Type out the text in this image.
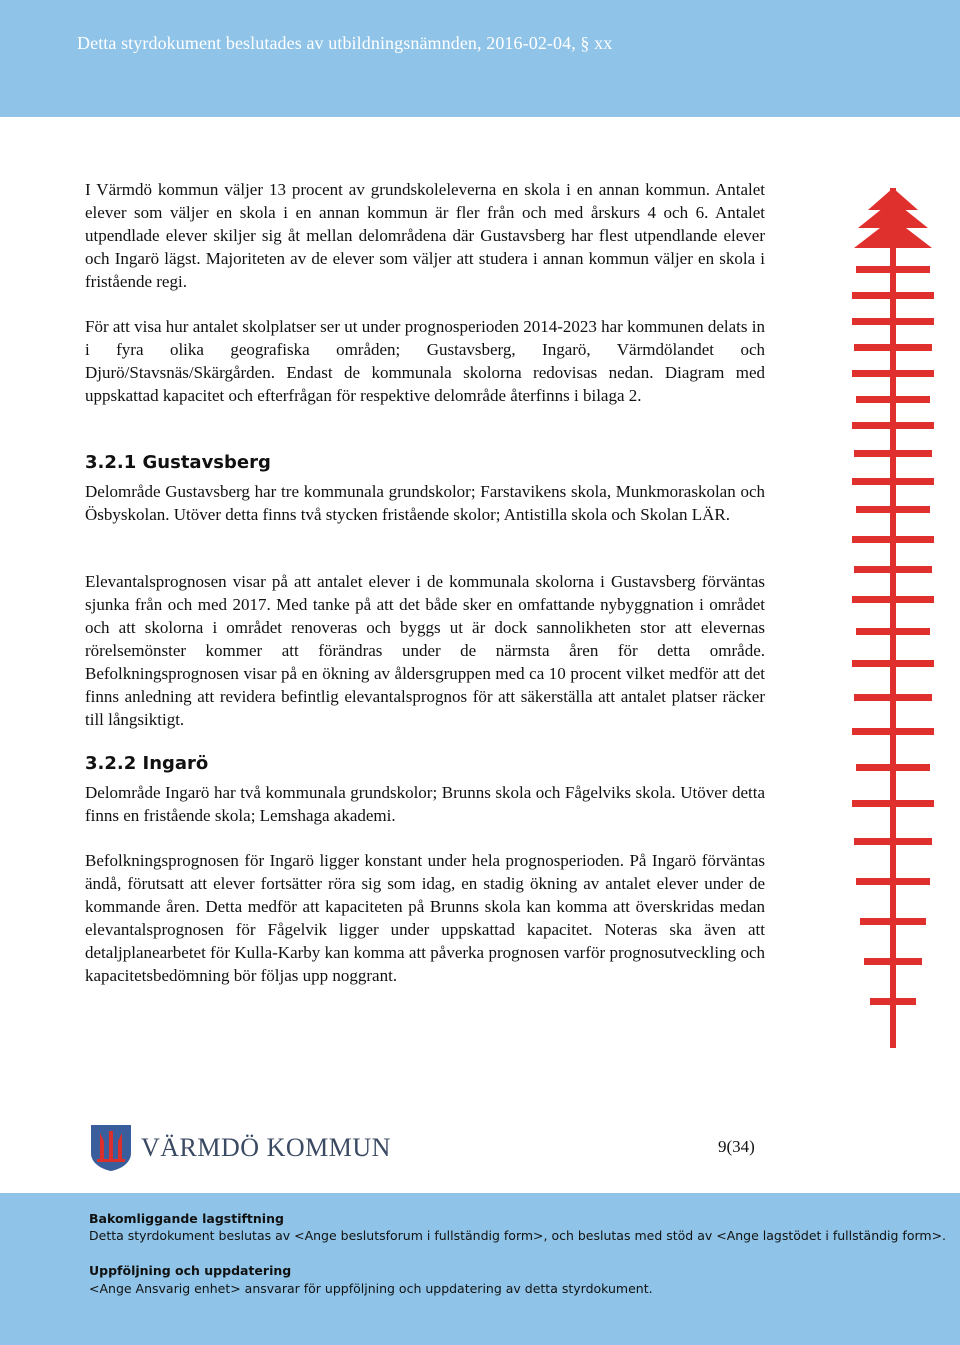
Detta styrdokument beslutades av utbildningsnämnden, 2016-02-04, § xx

I Värmdö kommun väljer 13 procent av grundskoleleverna en skola i en annan kommun. Antalet elever som väljer en skola i en annan kommun är fler från och med årskurs 4 och 6. Antalet utpendlade elever skiljer sig åt mellan delområdena där Gustavsberg har flest utpendlande elever och Ingarö lägst. Majoriteten av de elever som väljer att studera i annan kommun väljer en skola i fristående regi.

För att visa hur antalet skolplatser ser ut under prognosperioden 2014-2023 har kommunen delats in i fyra olika geografiska områden; Gustavsberg, Ingarö, Värmdölandet och Djurö/Stavsnäs/Skärgården. Endast de kommunala skolorna redovisas nedan. Diagram med uppskattad kapacitet och efterfrågan för respektive delområde återfinns i bilaga 2.

3.2.1 Gustavsberg

Delområde Gustavsberg har tre kommunala grundskolor; Farstavikens skola, Munkmoraskolan och Ösbyskolan. Utöver detta finns två stycken fristående skolor; Antistilla skola och Skolan LÄR.

Elevantalsprognosen visar på att antalet elever i de kommunala skolorna i Gustavsberg förväntas sjunka från och med 2017. Med tanke på att det både sker en omfattande nybyggnation i området och att skolorna i området renoveras och byggs ut är dock sannolikheten stor att elevernas rörelsemönster kommer att förändras under de närmsta åren för detta område. Befolkningsprognosen visar på en ökning av åldersgruppen med ca 10 procent vilket medför att det finns anledning att revidera befintlig elevantalsprognos för att säkerställa att antalet platser räcker till långsiktigt.

3.2.2 Ingarö

Delområde Ingarö har två kommunala grundskolor; Brunns skola och Fågelviks skola. Utöver detta finns en fristående skola; Lemshaga akademi.

Befolkningsprognosen för Ingarö ligger konstant under hela prognosperioden. På Ingarö förväntas ändå, förutsatt att elever fortsätter röra sig som idag, en stadig ökning av antalet elever under de kommande åren. Detta medför att kapaciteten på Brunns skola kan komma att överskridas medan elevantalsprognosen för Fågelvik ligger under uppskattad kapacitet. Noteras ska även att detaljplanearbetet för Kulla-Karby kan komma att påverka prognosen varför prognosutveckling och kapacitetsbedömning bör följas upp noggrant.

VÄRMDÖ KOMMUN	9(34)
Bakomliggande lagstiftning
Detta styrdokument beslutas av <Ange beslutsforum i fullständig form>, och beslutas med stöd av <Ange lagstödet i fullständig form>.
Uppföljning och uppdatering
<Ange Ansvarig enhet> ansvarar för uppföljning och uppdatering av detta styrdokument.
